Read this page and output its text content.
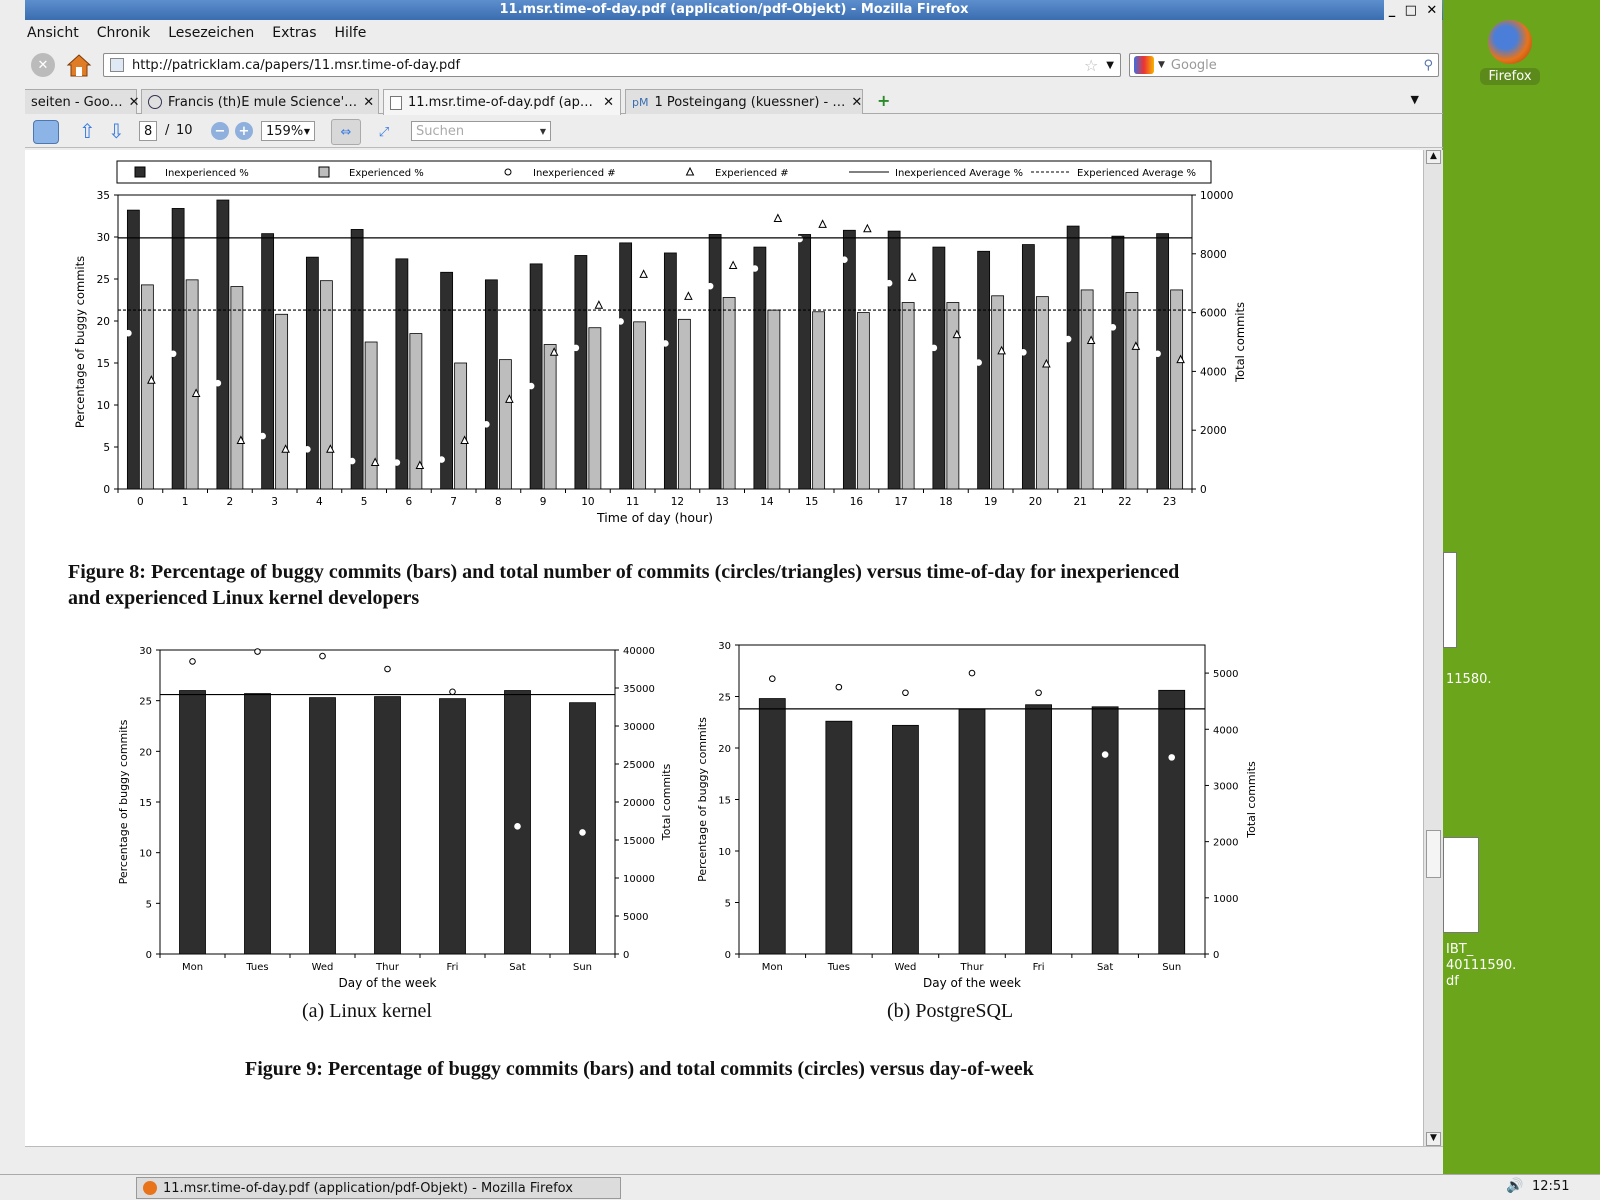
11.msr.time-of-day.pdf (application/pdf-Objekt) - Mozilla Firefox	_ □ ✕
Ansicht Chronik Lesezeichen Extras Hilfe
✕	http://patricklam.ca/papers/11.msr.time-of-day.pdf	☆ ▼	▼ Google	⚲
seiten - Goo… ✕ Francis (th)E mule Science'… ✕	11.msr.time-of-day.pdf (ap… ✕ pM 1 Posteingang (kuessner) - … ✕ +	▼
⇧ ⇩	8 / 10 − + 159% ▼	⇔	⤢	Suchen	▼
Inexperienced %	Experienced %	Inexperienced #	Experienced #	Inexperienced Average %	Experienced Average %
0
5
10
15
20
25
30
35
0
2000
4000
6000
8000
10000
0	1	2	3	4	5	6	7	8	9	10	11	12	13	14	15	16	17	18	19	20	21	22	23
Time of day (hour)
Percentage of buggy commits	Total commits
Figure 8: Percentage of buggy commits (bars) and total number of commits (circles/triangles) versus time-of-day for inexperienced
and experienced Linux kernel developers
0
5
10
15
20
25
30
0
5000
10000
15000
20000
25000
30000
35000
40000
Mon	Tues	Wed	Thur	Fri	Sat	Sun
Day of the week
Percentage of buggy commits	Total commits
0
5
10
15
20
25
30
0
1000
2000
3000
4000
5000
Mon	Tues	Wed	Thur	Fri	Sat	Sun
Day of the week
Percentage of buggy commits	Total commits
(a) Linux kernel	(b) PostgreSQL
Figure 9: Percentage of buggy commits (bars) and total commits (circles) versus day-of-week
▲
▼
Firefox
11580.
IBT_
40111590.
df
11.msr.time-of-day.pdf (application/pdf-Objekt) - Mozilla Firefox	🔊 12:51
